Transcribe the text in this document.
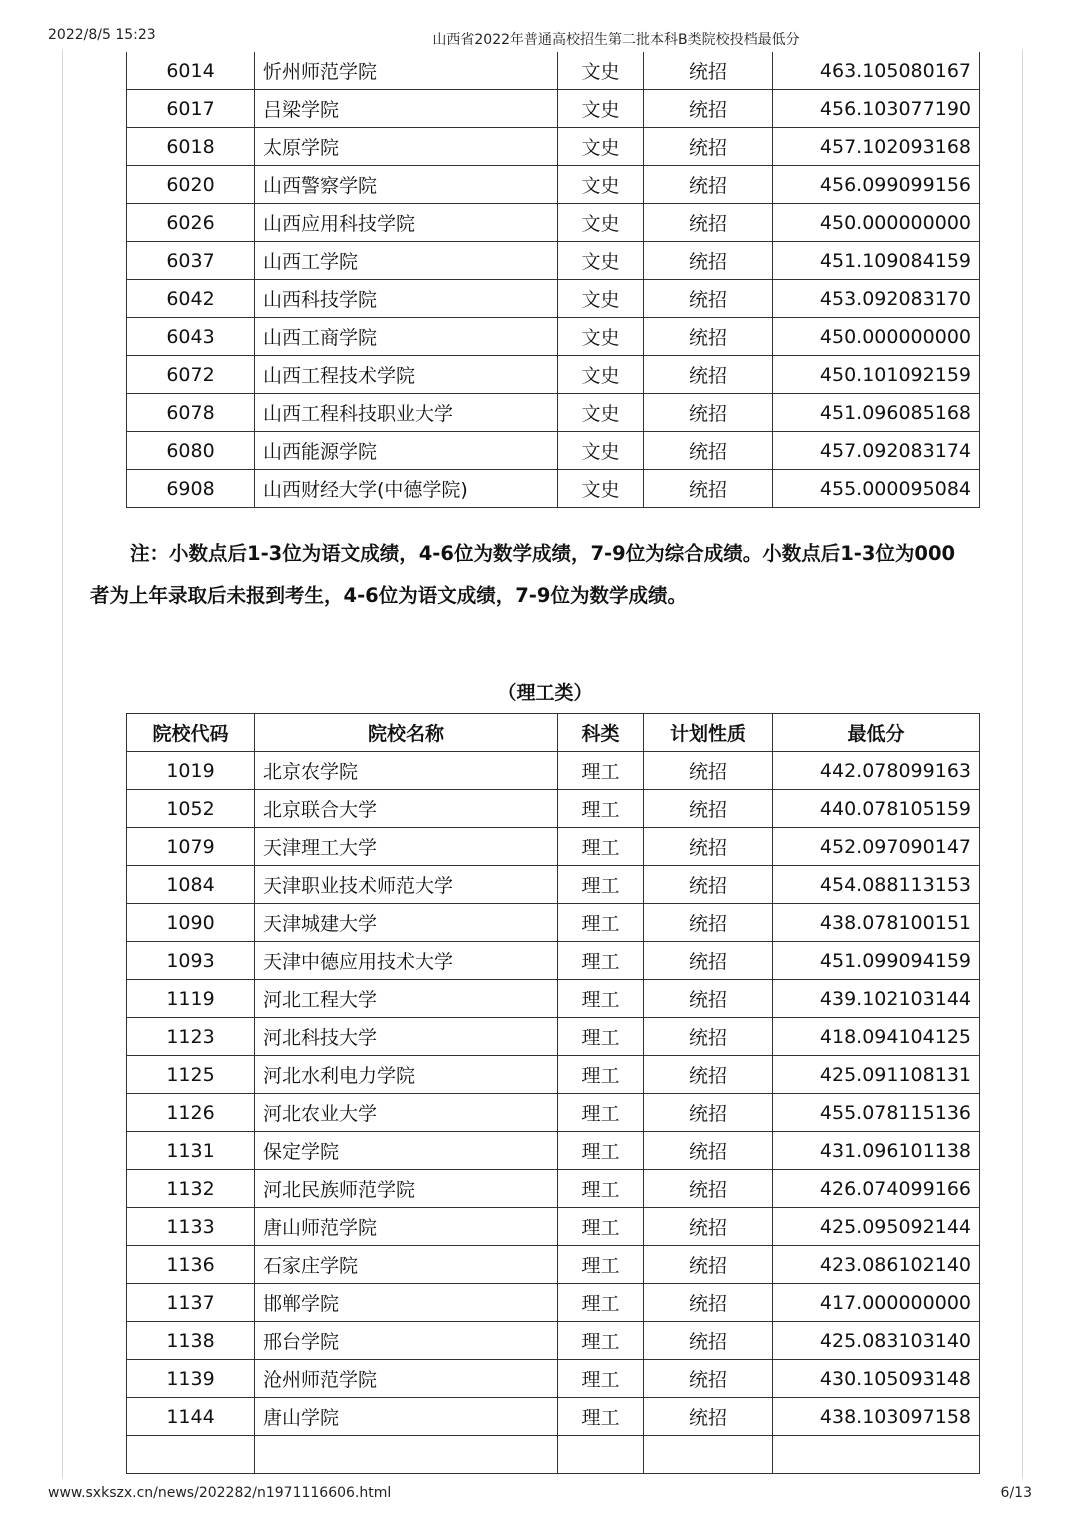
2022/8/5 15:23	山西省2022年普通高校招生第二批本科B类院校投档最低分
6014	忻州师范学院	文史	统招	463.105080167
6017	吕梁学院	文史	统招	456.103077190
6018	太原学院	文史	统招	457.102093168
6020	山西警察学院	文史	统招	456.099099156
6026	山西应用科技学院	文史	统招	450.000000000
6037	山西工学院	文史	统招	451.109084159
6042	山西科技学院	文史	统招	453.092083170
6043	山西工商学院	文史	统招	450.000000000
6072	山西工程技术学院	文史	统招	450.101092159
6078	山西工程科技职业大学	文史	统招	451.096085168
6080	山西能源学院	文史	统招	457.092083174
6908	山西财经大学(中德学院)	文史	统招	455.000095084
注：小数点后1-3位为语文成绩，4-6位为数学成绩，7-9位为综合成绩。小数点后1-3位为000
者为上年录取后未报到考生，4-6位为语文成绩，7-9位为数学成绩。
（理工类）
院校代码	院校名称	科类	计划性质	最低分
1019	北京农学院	理工	统招	442.078099163
1052	北京联合大学	理工	统招	440.078105159
1079	天津理工大学	理工	统招	452.097090147
1084	天津职业技术师范大学	理工	统招	454.088113153
1090	天津城建大学	理工	统招	438.078100151
1093	天津中德应用技术大学	理工	统招	451.099094159
1119	河北工程大学	理工	统招	439.102103144
1123	河北科技大学	理工	统招	418.094104125
1125	河北水利电力学院	理工	统招	425.091108131
1126	河北农业大学	理工	统招	455.078115136
1131	保定学院	理工	统招	431.096101138
1132	河北民族师范学院	理工	统招	426.074099166
1133	唐山师范学院	理工	统招	425.095092144
1136	石家庄学院	理工	统招	423.086102140
1137	邯郸学院	理工	统招	417.000000000
1138	邢台学院	理工	统招	425.083103140
1139	沧州师范学院	理工	统招	430.105093148
1144	唐山学院	理工	统招	438.103097158

www.sxkszx.cn/news/202282/n1971116606.html	6/13
